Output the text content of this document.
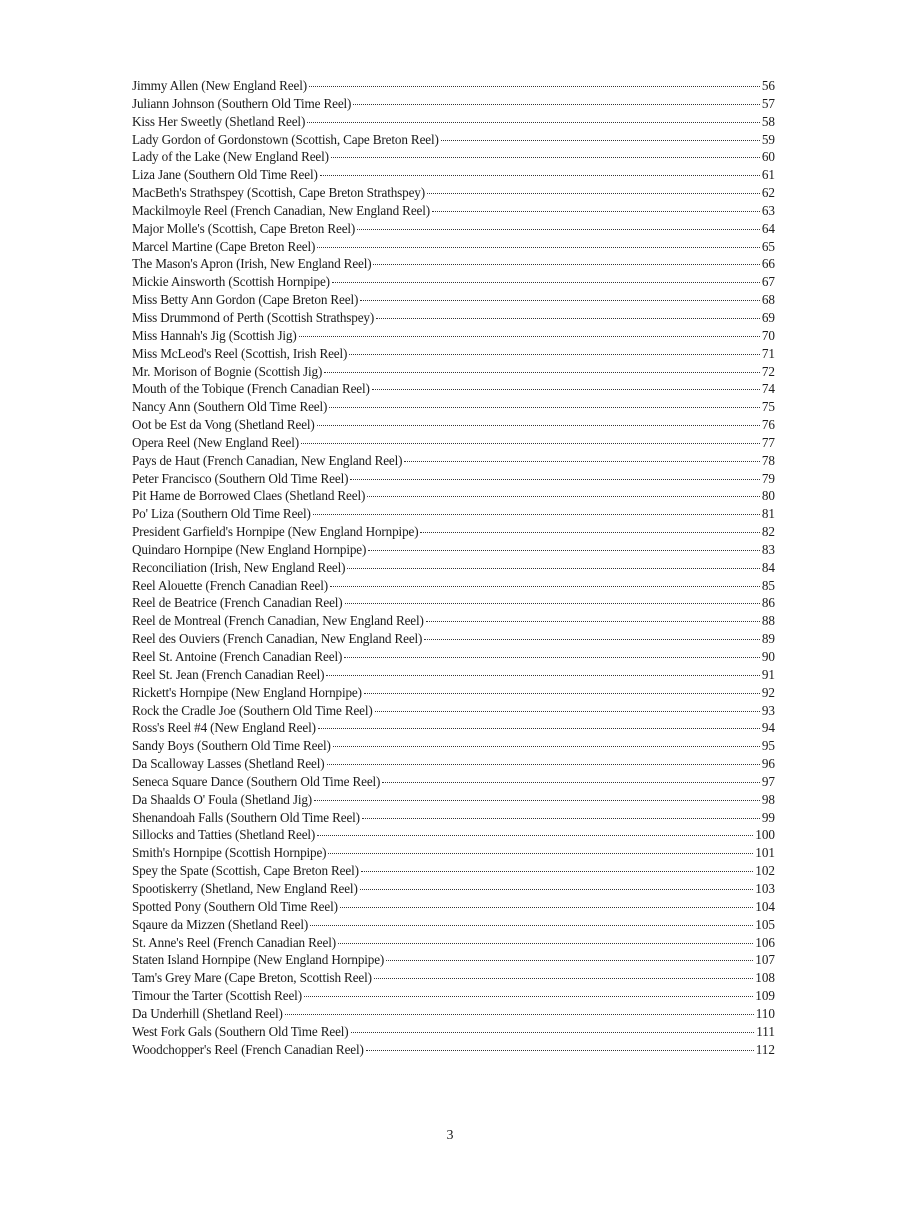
Jimmy Allen (New England Reel)	56
Juliann Johnson (Southern Old Time Reel)	57
Kiss Her Sweetly (Shetland Reel)	58
Lady Gordon of Gordonstown (Scottish, Cape Breton Reel)	59
Lady of the Lake (New England Reel)	60
Liza Jane (Southern Old Time Reel)	61
MacBeth's Strathspey (Scottish, Cape Breton Strathspey)	62
Mackilmoyle Reel (French Canadian, New England Reel)	63
Major Molle's (Scottish, Cape Breton Reel)	64
Marcel Martine (Cape Breton Reel)	65
The Mason's Apron (Irish, New England Reel)	66
Mickie Ainsworth (Scottish Hornpipe)	67
Miss Betty Ann Gordon (Cape Breton Reel)	68
Miss Drummond of Perth (Scottish Strathspey)	69
Miss Hannah's Jig (Scottish Jig)	70
Miss McLeod's Reel (Scottish, Irish Reel)	71
Mr. Morison of Bognie (Scottish Jig)	72
Mouth of the Tobique (French Canadian Reel)	74
Nancy Ann (Southern Old Time Reel)	75
Oot be Est da Vong (Shetland Reel)	76
Opera Reel (New England Reel)	77
Pays de Haut (French Canadian, New England Reel)	78
Peter Francisco (Southern Old Time Reel)	79
Pit Hame de Borrowed Claes (Shetland Reel)	80
Po' Liza (Southern Old Time Reel)	81
President Garfield's Hornpipe (New England Hornpipe)	82
Quindaro Hornpipe (New England Hornpipe)	83
Reconciliation (Irish, New England Reel)	84
Reel Alouette (French Canadian Reel)	85
Reel de Beatrice (French Canadian Reel)	86
Reel de Montreal (French Canadian, New England Reel)	88
Reel des Ouviers (French Canadian, New England Reel)	89
Reel St. Antoine (French Canadian Reel)	90
Reel St. Jean (French Canadian Reel)	91
Rickett's Hornpipe (New England Hornpipe)	92
Rock the Cradle Joe (Southern Old Time Reel)	93
Ross's Reel #4 (New England Reel)	94
Sandy Boys (Southern Old Time Reel)	95
Da Scalloway Lasses (Shetland Reel)	96
Seneca Square Dance (Southern Old Time Reel)	97
Da Shaalds O' Foula (Shetland Jig)	98
Shenandoah Falls (Southern Old Time Reel)	99
Sillocks and Tatties (Shetland Reel)	100
Smith's Hornpipe (Scottish Hornpipe)	101
Spey the Spate (Scottish, Cape Breton Reel)	102
Spootiskerry (Shetland, New England Reel)	103
Spotted Pony (Southern Old Time Reel)	104
Sqaure da Mizzen (Shetland Reel)	105
St. Anne's Reel (French Canadian Reel)	106
Staten Island Hornpipe (New England Hornpipe)	107
Tam's Grey Mare (Cape Breton, Scottish Reel)	108
Timour the Tarter (Scottish Reel)	109
Da Underhill (Shetland Reel)	110
West Fork Gals (Southern Old Time Reel)	111
Woodchopper's Reel (French Canadian Reel)	112
3
